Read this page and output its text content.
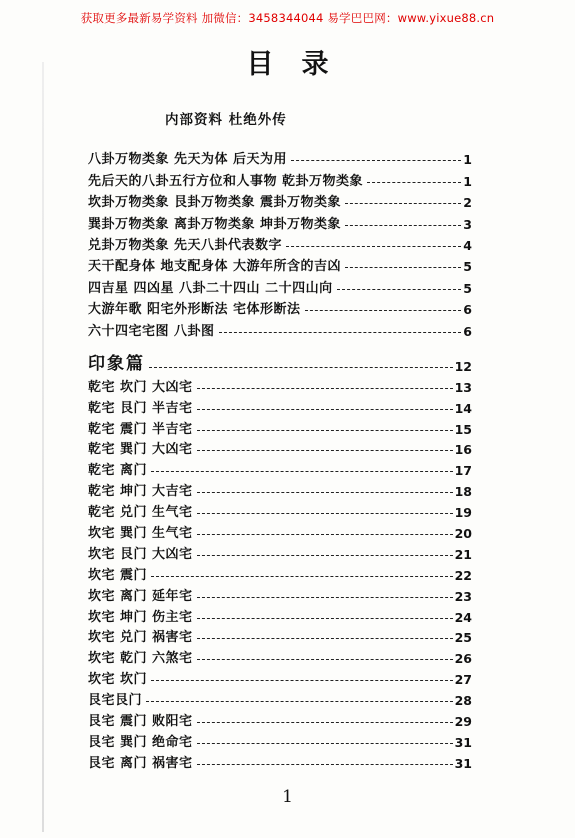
获取更多最新易学资料 加微信：3458344044 易学巴巴网：www.yixue88.cn
目录
内部资料 杜绝外传
八卦万物类象 先天为体 后天为用	1
先后天的八卦五行方位和人事物 乾卦万物类象	1
坎卦万物类象 艮卦万物类象 震卦万物类象	2
巽卦万物类象 离卦万物类象 坤卦万物类象	3
兑卦万物类象 先天八卦代表数字	4
天干配身体 地支配身体 大游年所含的吉凶	5
四吉星 四凶星 八卦二十四山 二十四山向	5
大游年歌 阳宅外形断法 宅体形断法	6
六十四宅宅图 八卦图	6
印象篇	12
乾宅 坎门 大凶宅	13
乾宅 艮门 半吉宅	14
乾宅 震门 半吉宅	15
乾宅 巽门 大凶宅	16
乾宅 离门	17
乾宅 坤门 大吉宅	18
乾宅 兑门 生气宅	19
坎宅 巽门 生气宅	20
坎宅 艮门 大凶宅	21
坎宅 震门	22
坎宅 离门 延年宅	23
坎宅 坤门 伤主宅	24
坎宅 兑门 祸害宅	25
坎宅 乾门 六煞宅	26
坎宅 坎门	27
艮宅艮门	28
艮宅 震门 败阳宅	29
艮宅 巽门 绝命宅	31
艮宅 离门 祸害宅	31
1
